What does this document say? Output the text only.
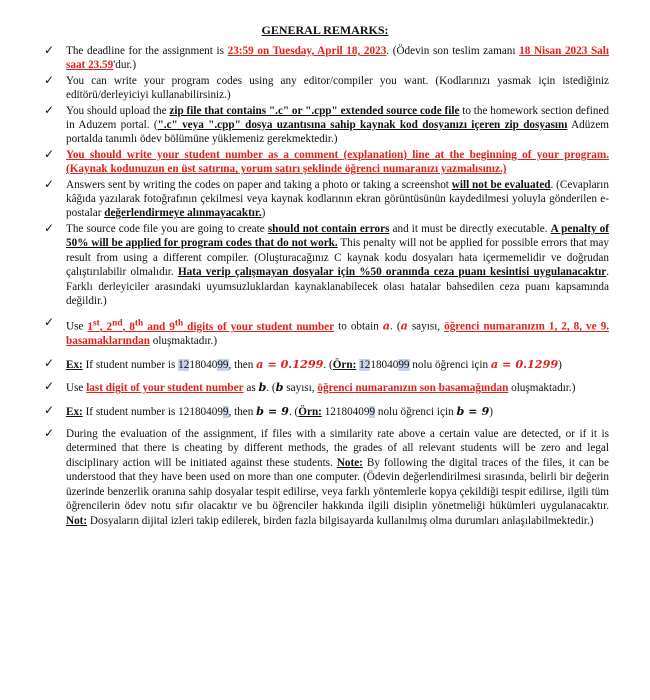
GENERAL REMARKS:
✓ The deadline for the assignment is 23:59 on Tuesday, April 18, 2023. (Ödevin son teslim zamanı 18 Nisan 2023 Salı saat 23.59'dur.)
✓ You can write your program codes using any editor/compiler you want. (Kodlarınızı yasmak için istediğiniz editörü/derleyiciyi kullanabilirsiniz.)
✓ You should upload the zip file that contains ".c" or ".cpp" extended source code file to the homework section defined in Aduzem portal. (".c" veya ".cpp" dosya uzantısına sahip kaynak kod dosyanızı içeren zip dosyasını Adüzem portalda tanımlı ödev bölümüne yüklemeniz gerekmektedir.)
✓ You should write your student number as a comment (explanation) line at the beginning of your program. (Kaynak kodunuzun en üst satırına, yorum satırı şeklinde öğrenci numaranızı yazmalısınız.)
✓ Answers sent by writing the codes on paper and taking a photo or taking a screenshot will not be evaluated. (Cevapların kâğıda yazılarak fotoğrafının çekilmesi veya kaynak kodlarının ekran görüntüsünün kaydedilmesi yoluyla gönderilen e-postalar değerlendirmeye alınmayacaktır.)
✓ The source code file you are going to create should not contain errors and it must be directly executable. A penalty of 50% will be applied for program codes that do not work. This penalty will not be applied for possible errors that may result from using a different compiler. (Oluşturacağınız C kaynak kodu dosyaları hata içermemelidir ve doğrudan çalıştırılabilir olmalıdır. Hata verip çalışmayan dosyalar için %50 oranında ceza puanı kesintisi uygulanacaktır. Farklı derleyiciler arasındaki uyumsuzluklardan kaynaklanabilecek olası hatalar bahsedilen ceza puanı kapsamında değildir.)
✓ Use 1st, 2nd, 8th and 9th digits of your student number to obtain a. (a sayısı, öğrenci numaranızın 1, 2, 8, ve 9. basamaklarından oluşmaktadır.)
✓ Ex: If student number is 121804099, then a = 0.1299. (Örn: 121804099 nolu öğrenci için a = 0.1299)
✓ Use last digit of your student number as b. (b sayısı, öğrenci numaranızın son basamağından oluşmaktadır.)
✓ Ex: If student number is 121804099, then b = 9. (Örn: 121804099 nolu öğrenci için b = 9)
✓ During the evaluation of the assignment, if files with a similarity rate above a certain value are detected, or if it is determined that there is cheating by different methods, the grades of all relevant students will be zero and legal disciplinary action will be initiated against these students. Note: By following the digital traces of the files, it can be understood that they have been used on more than one computer. (Ödevin değerlendirilmesi sırasında, belirli bir değerin üzerinde benzerlik oranına sahip dosyalar tespit edilirse, veya farklı yöntemlerle kopya çekildiği tespit edilirse, ilgili tüm öğrencilerin ödev notu sıfır olacaktır ve bu öğrenciler hakkında ilgili disiplin yönetmeliği hükümleri uygulanacaktır. Not: Dosyaların dijital izleri takip edilerek, birden fazla bilgisayarda kullanılmış olma durumları anlaşılabilmektedir.)
